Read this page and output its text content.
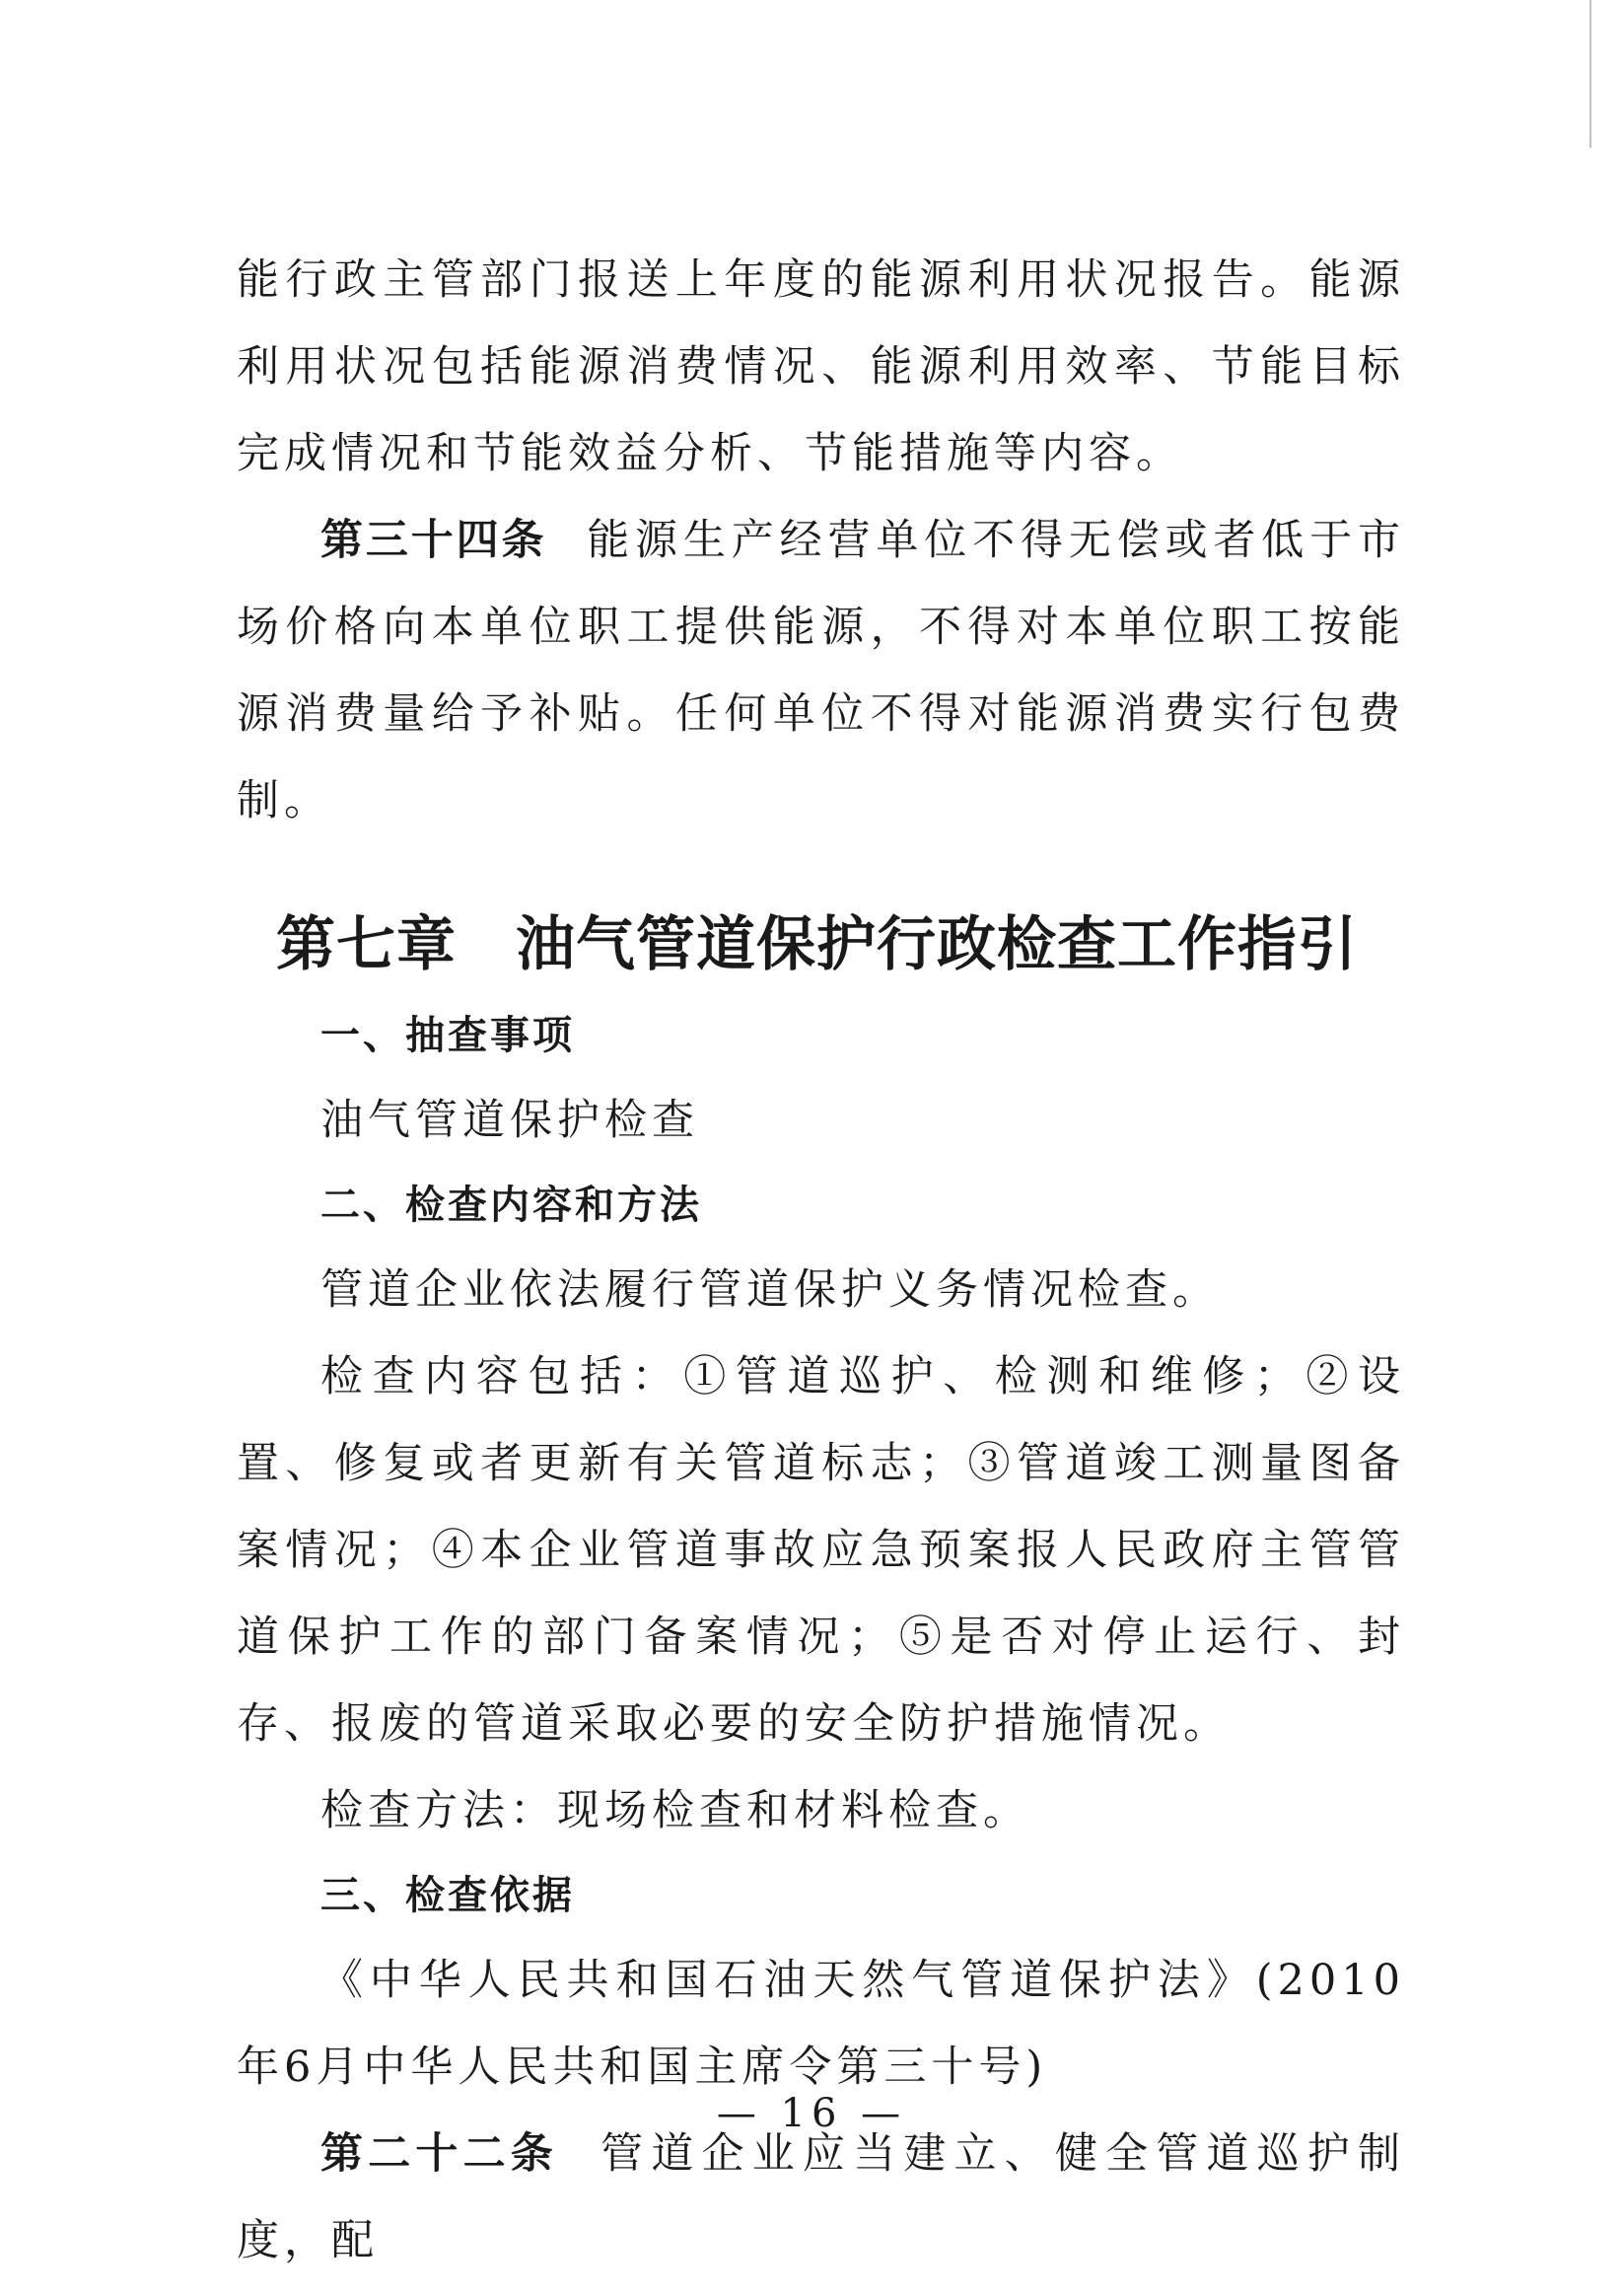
能行政主管部门报送上年度的能源利用状况报告。能源利用状况包括能源消费情况、能源利用效率、节能目标完成情况和节能效益分析、节能措施等内容。

第三十四条 能源生产经营单位不得无偿或者低于市场价格向本单位职工提供能源，不得对本单位职工按能源消费量给予补贴。任何单位不得对能源消费实行包费制。

第七章 油气管道保护行政检查工作指引

一、抽查事项

油气管道保护检查

二、检查内容和方法

管道企业依法履行管道保护义务情况检查。

检查内容包括：①管道巡护、检测和维修；②设置、修复或者更新有关管道标志；③管道竣工测量图备案情况；④本企业管道事故应急预案报人民政府主管管道保护工作的部门备案情况；⑤是否对停止运行、封存、报废的管道采取必要的安全防护措施情况。

检查方法：现场检查和材料检查。

三、检查依据

《中华人民共和国石油天然气管道保护法》(2010年6月中华人民共和国主席令第三十号)

第二十二条 管道企业应当建立、健全管道巡护制度，配

— 16 —
